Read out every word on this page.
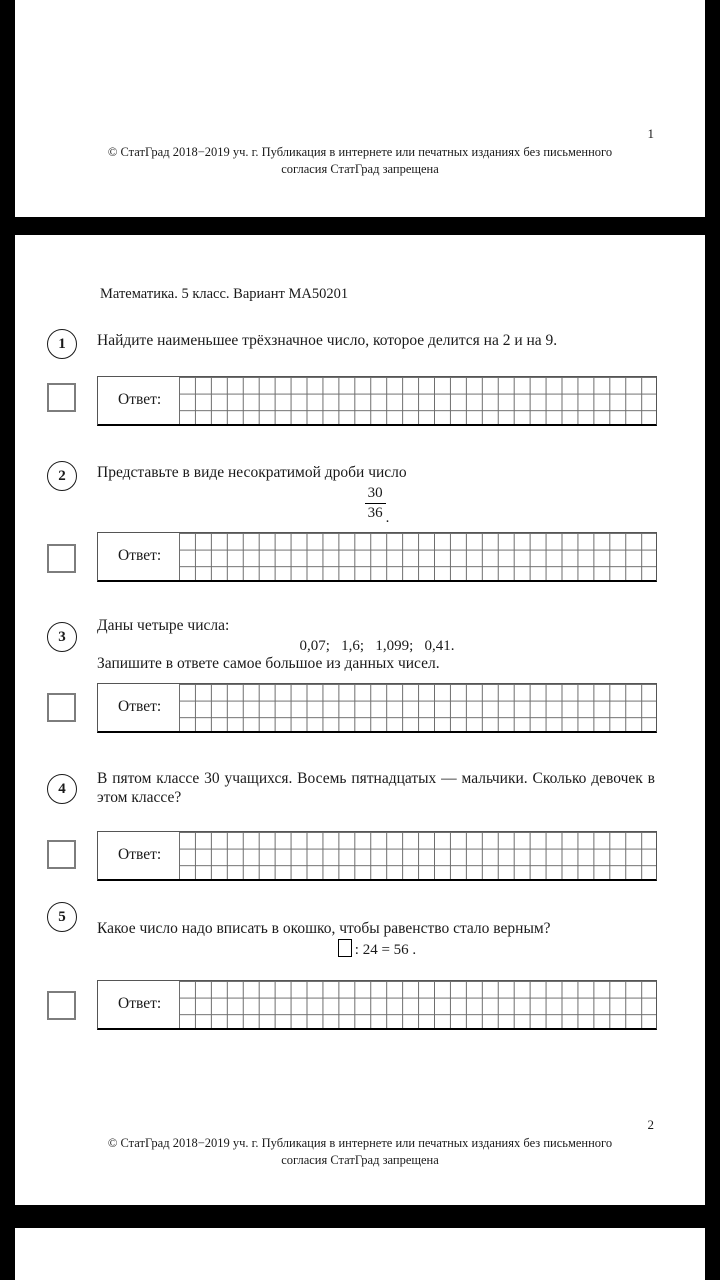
1
© СтатГрад 2018−2019 уч. г. Публикация в интернете или печатных изданиях без письменного
согласия СтатГрад запрещена
Математика. 5 класс. Вариант МА50201
1	Найдите наименьшее трёхзначное число, которое делится на 2 и на 9.
Ответ:
2	Представьте в виде несократимой дроби число
$\frac{30}{36}$ .
Ответ:
3
Даны четыре числа:
0,07;   1,6;   1,099;   0,41.
Запишите в ответе самое большое из данных чисел.
Ответ:
4
В пятом классе 30 учащихся. Восемь пятнадцатых — мальчики. Сколько девочек в этом классе?
Ответ:
5
Какое число надо вписать в окошко, чтобы равенство стало верным?
: 24 = 56 .
Ответ:
2
© СтатГрад 2018−2019 уч. г. Публикация в интернете или печатных изданиях без письменного
согласия СтатГрад запрещена
